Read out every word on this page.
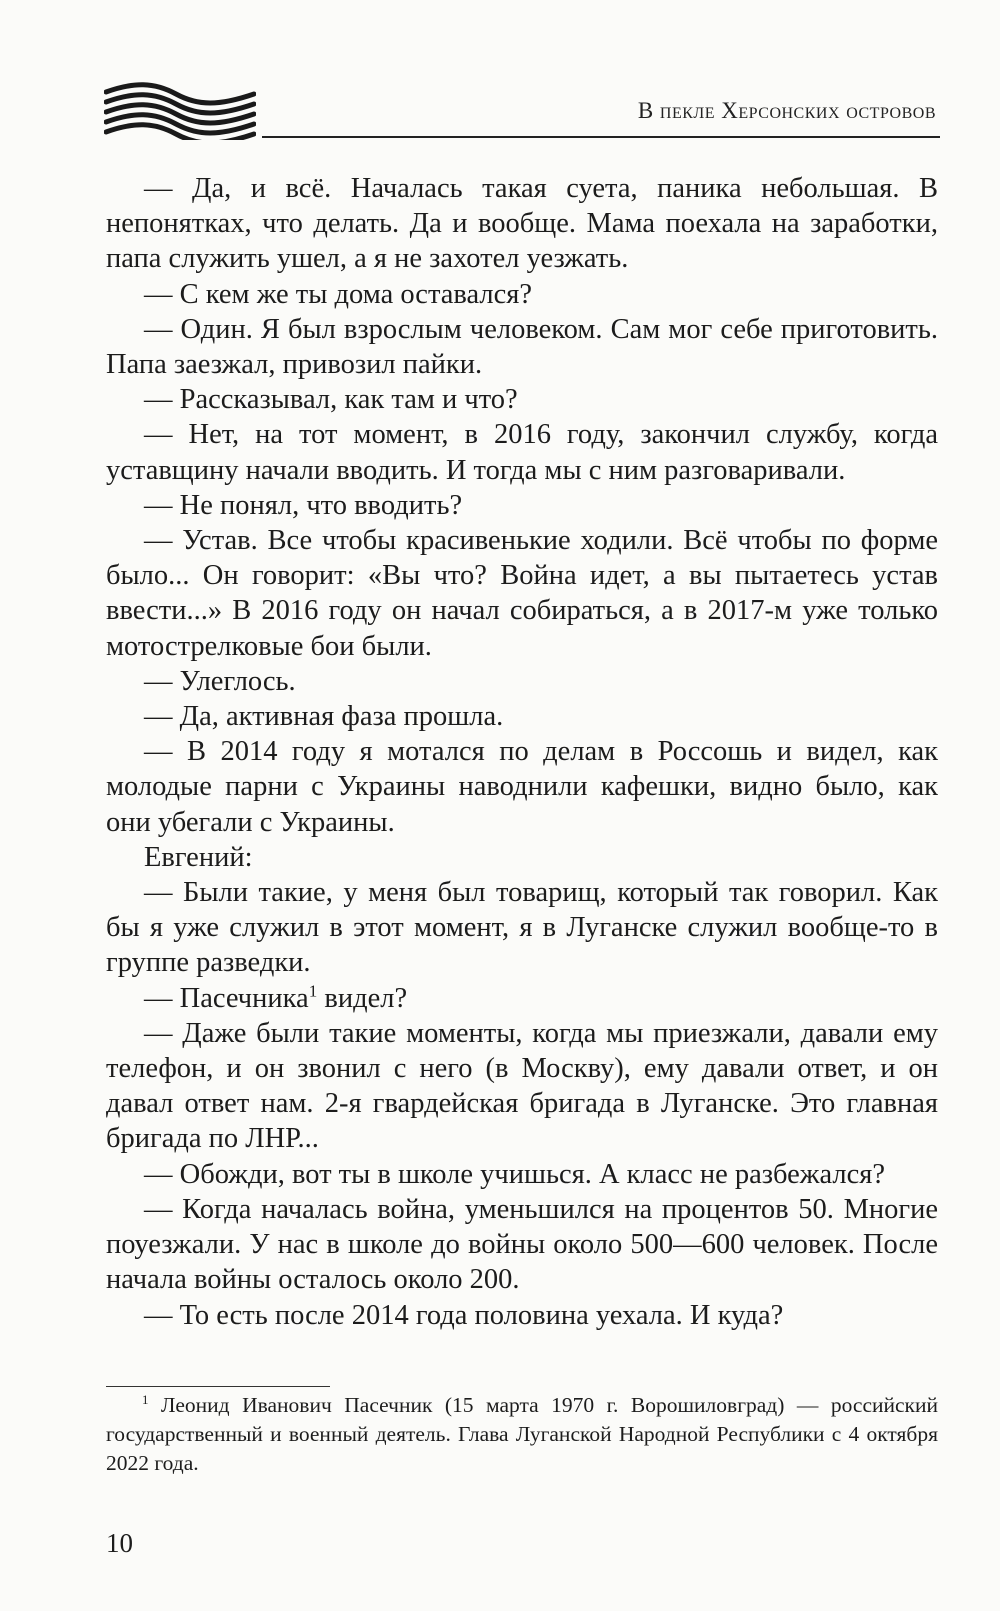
В пекле Херсонских островов

— Да, и всё. Началась такая суета, паника небольшая. В непонятках, что делать. Да и вообще. Мама поехала на заработки, папа служить ушел, а я не захотел уезжать.

— С кем же ты дома оставался?

— Один. Я был взрослым человеком. Сам мог себе приготовить. Папа заезжал, привозил пайки.

— Рассказывал, как там и что?

— Нет, на тот момент, в 2016 году, закончил службу, когда уставщину начали вводить. И тогда мы с ним разговаривали.

— Не понял, что вводить?

— Устав. Все чтобы красивенькие ходили. Всё чтобы по форме было... Он говорит: «Вы что? Война идет, а вы пытаетесь устав ввести...» В 2016 году он начал собираться, а в 2017-м уже только мотострелковые бои были.

— Улеглось.

— Да, активная фаза прошла.

— В 2014 году я мотался по делам в Россошь и видел, как молодые парни с Украины наводнили кафешки, видно было, как они убегали с Украины.

Евгений:

— Были такие, у меня был товарищ, который так говорил. Как бы я уже служил в этот момент, я в Луганске служил вообще-то в группе разведки.

— Пасечника$^1$ видел?

— Даже были такие моменты, когда мы приезжали, давали ему телефон, и он звонил с него (в Москву), ему давали ответ, и он давал ответ нам. 2-я гвардейская бригада в Луганске. Это главная бригада по ЛНР...

— Обожди, вот ты в школе учишься. А класс не разбежался?

— Когда началась война, уменьшился на процентов 50. Многие поуезжали. У нас в школе до войны около 500—600 человек. После начала войны осталось около 200.

— То есть после 2014 года половина уехала. И куда?

$^1$ Леонид Иванович Пасечник (15 марта 1970 г. Ворошиловград) — российский государственный и военный деятель. Глава Луганской Народной Республики с 4 октября 2022 года.

10
